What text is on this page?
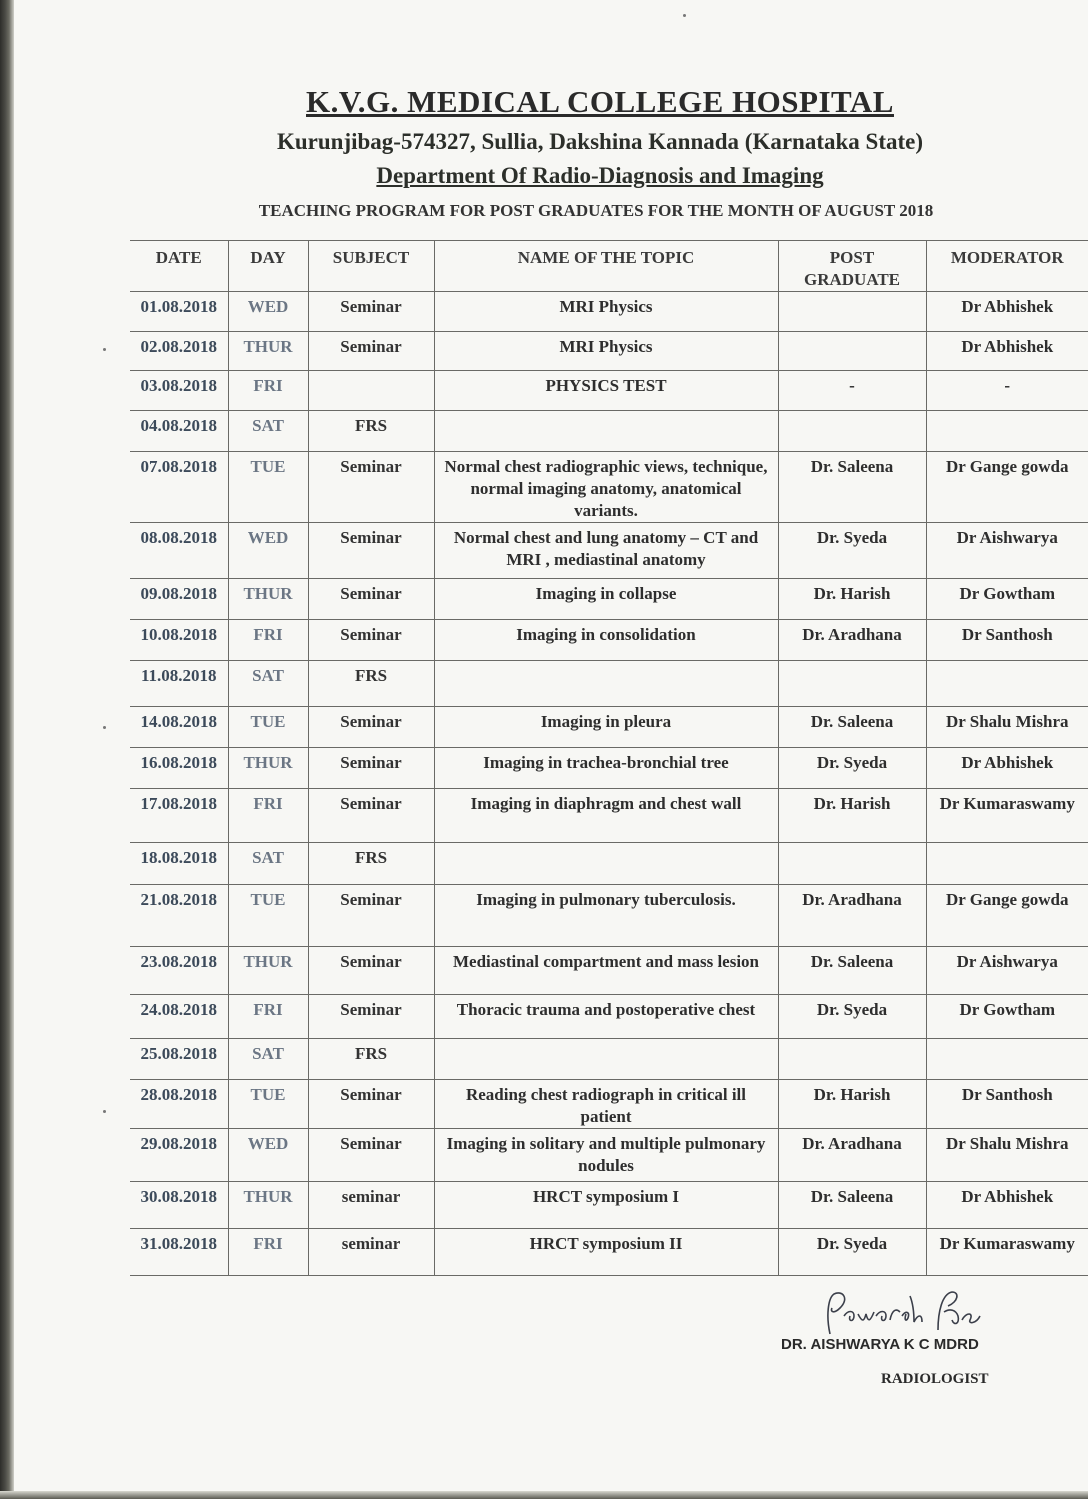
K.V.G. MEDICAL COLLEGE HOSPITAL
Kurunjibag-574327, Sullia, Dakshina Kannada (Karnataka State)
Department Of Radio-Diagnosis and Imaging
TEACHING PROGRAM FOR POST GRADUATES FOR THE MONTH OF AUGUST 2018
DATE	DAY	SUBJECT	NAME OF THE TOPIC	POST GRADUATE	MODERATOR
01.08.2018	WED	Seminar	MRI Physics		Dr Abhishek
02.08.2018	THUR	Seminar	MRI Physics		Dr Abhishek
03.08.2018	FRI		PHYSICS TEST	-	-
04.08.2018	SAT	FRS			
07.08.2018	TUE	Seminar	Normal chest radiographic views, technique, normal imaging anatomy, anatomical variants.	Dr. Saleena	Dr Gange gowda
08.08.2018	WED	Seminar	Normal chest and lung anatomy – CT and MRI , mediastinal anatomy	Dr. Syeda	Dr Aishwarya
09.08.2018	THUR	Seminar	Imaging in collapse	Dr. Harish	Dr Gowtham
10.08.2018	FRI	Seminar	Imaging in consolidation	Dr. Aradhana	Dr Santhosh
11.08.2018	SAT	FRS			
14.08.2018	TUE	Seminar	Imaging in pleura	Dr. Saleena	Dr Shalu Mishra
16.08.2018	THUR	Seminar	Imaging in trachea-bronchial tree	Dr. Syeda	Dr Abhishek
17.08.2018	FRI	Seminar	Imaging in diaphragm and chest wall	Dr. Harish	Dr Kumaraswamy
18.08.2018	SAT	FRS			
21.08.2018	TUE	Seminar	Imaging in pulmonary tuberculosis.	Dr. Aradhana	Dr Gange gowda
23.08.2018	THUR	Seminar	Mediastinal compartment and mass lesion	Dr. Saleena	Dr Aishwarya
24.08.2018	FRI	Seminar	Thoracic trauma and postoperative chest	Dr. Syeda	Dr Gowtham
25.08.2018	SAT	FRS			
28.08.2018	TUE	Seminar	Reading chest radiograph in critical ill patient	Dr. Harish	Dr Santhosh
29.08.2018	WED	Seminar	Imaging in solitary and multiple pulmonary nodules	Dr. Aradhana	Dr Shalu Mishra
30.08.2018	THUR	seminar	HRCT symposium I	Dr. Saleena	Dr Abhishek
31.08.2018	FRI	seminar	HRCT symposium II	Dr. Syeda	Dr Kumaraswamy
DR. AISHWARYA K C MDRD
RADIOLOGIST
